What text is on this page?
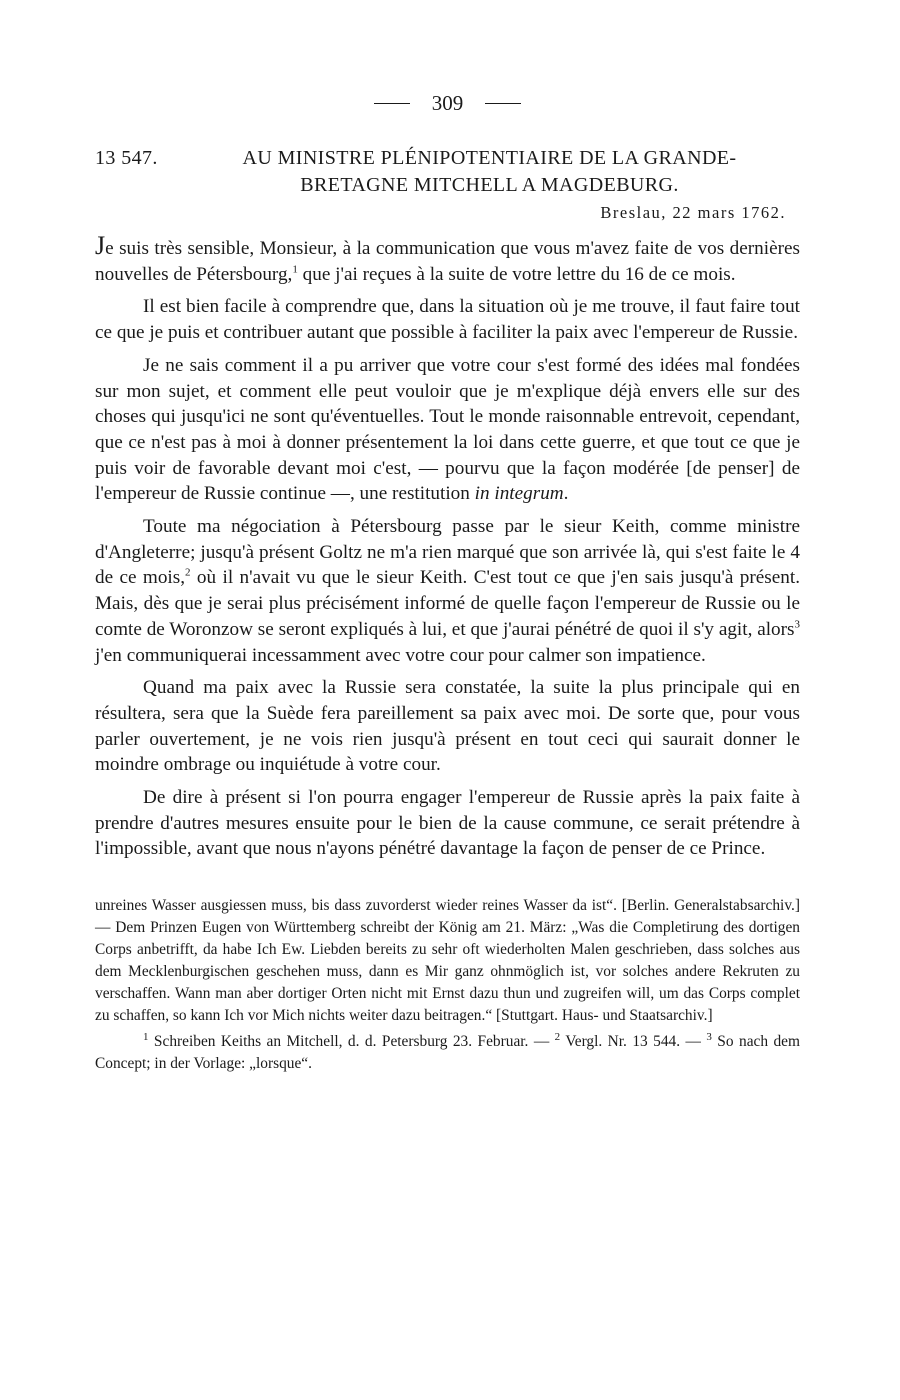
309
13 547.	AU MINISTRE PLÉNIPOTENTIAIRE DE LA GRANDE-
BRETAGNE MITCHELL A MAGDEBURG.
Breslau, 22 mars 1762.

Je suis très sensible, Monsieur, à la communication que vous m'avez faite de vos dernières nouvelles de Pétersbourg,$^1$ que j'ai reçues à la suite de votre lettre du 16 de ce mois.

Il est bien facile à comprendre que, dans la situation où je me trouve, il faut faire tout ce que je puis et contribuer autant que possible à faciliter la paix avec l'empereur de Russie.

Je ne sais comment il a pu arriver que votre cour s'est formé des idées mal fondées sur mon sujet, et comment elle peut vouloir que je m'explique déjà envers elle sur des choses qui jusqu'ici ne sont qu'éventuelles. Tout le monde raisonnable entrevoit, cependant, que ce n'est pas à moi à donner présentement la loi dans cette guerre, et que tout ce que je puis voir de favorable devant moi c'est, — pourvu que la façon modérée [de penser] de l'empereur de Russie continue —, une restitution in integrum.

Toute ma négociation à Pétersbourg passe par le sieur Keith, comme ministre d'Angleterre; jusqu'à présent Goltz ne m'a rien marqué que son arrivée là, qui s'est faite le 4 de ce mois,$^2$ où il n'avait vu que le sieur Keith. C'est tout ce que j'en sais jusqu'à présent. Mais, dès que je serai plus précisément informé de quelle façon l'empereur de Russie ou le comte de Woronzow se seront expliqués à lui, et que j'aurai pénétré de quoi il s'y agit, alors$^3$ j'en communiquerai incessamment avec votre cour pour calmer son impatience.

Quand ma paix avec la Russie sera constatée, la suite la plus principale qui en résultera, sera que la Suède fera pareillement sa paix avec moi. De sorte que, pour vous parler ouvertement, je ne vois rien jusqu'à présent en tout ceci qui saurait donner le moindre ombrage ou inquiétude à votre cour.

De dire à présent si l'on pourra engager l'empereur de Russie après la paix faite à prendre d'autres mesures ensuite pour le bien de la cause commune, ce serait prétendre à l'impossible, avant que nous n'ayons pénétré davantage la façon de penser de ce Prince.

unreines Wasser ausgiessen muss, bis dass zuvorderst wieder reines Wasser da ist“. [Berlin. Generalstabsarchiv.] — Dem Prinzen Eugen von Württemberg schreibt der König am 21. März: „Was die Completirung des dortigen Corps anbetrifft, da habe Ich Ew. Liebden bereits zu sehr oft wiederholten Malen geschrieben, dass solches aus dem Mecklenburgischen geschehen muss, dann es Mir ganz ohnmöglich ist, vor solches andere Rekruten zu verschaffen. Wann man aber dortiger Orten nicht mit Ernst dazu thun und zugreifen will, um das Corps complet zu schaffen, so kann Ich vor Mich nichts weiter dazu beitragen.“ [Stuttgart. Haus- und Staatsarchiv.]

$^1$ Schreiben Keiths an Mitchell, d. d. Petersburg 23. Februar. — $^2$ Vergl. Nr. 13 544. — $^3$ So nach dem Concept; in der Vorlage: „lorsque“.
